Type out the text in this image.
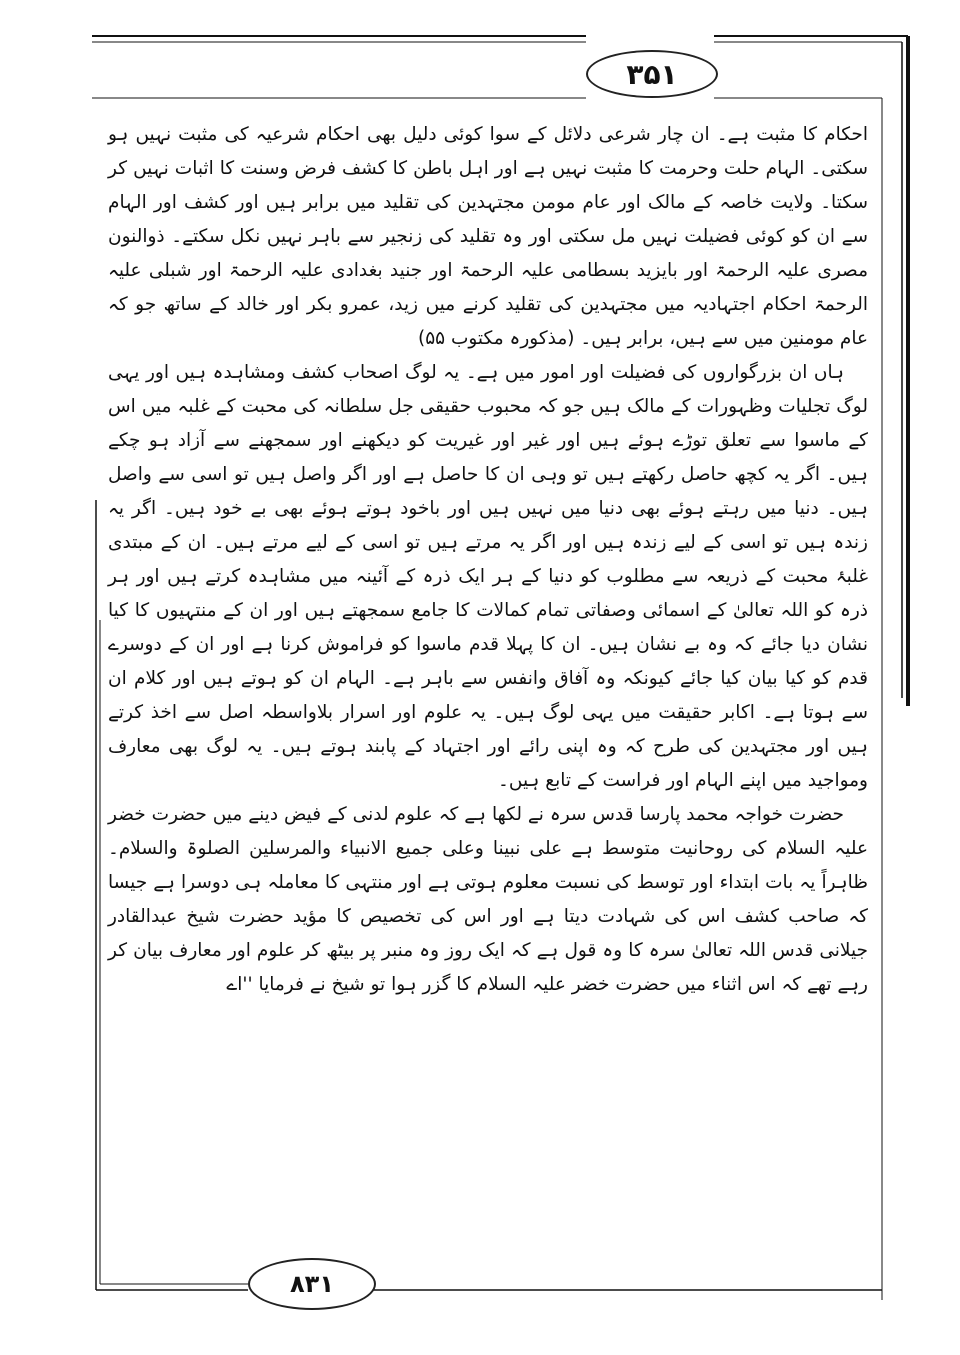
۳۵۱

احکام کا مثبت ہے۔ ان چار شرعی دلائل کے سوا کوئی دلیل بھی احکام شرعیہ کی مثبت نہیں ہو سکتی۔ الہام حلت وحرمت کا مثبت نہیں ہے اور اہل باطن کا کشف فرض وسنت کا اثبات نہیں کر سکتا۔ ولایت خاصہ کے مالک اور عام مومن مجتہدین کی تقلید میں برابر ہیں اور کشف اور الہام سے ان کو کوئی فضیلت نہیں مل سکتی اور وہ تقلید کی زنجیر سے باہر نہیں نکل سکتے۔ ذوالنون مصری علیہ الرحمۃ اور بایزید بسطامی علیہ الرحمۃ اور جنید بغدادی علیہ الرحمۃ اور شبلی علیہ الرحمۃ احکام اجتہادیہ میں مجتہدین کی تقلید کرنے میں زید، عمرو بکر اور خالد کے ساتھ جو کہ عام مومنین میں سے ہیں، برابر ہیں۔ (مذکورہ مکتوب ۵۵)

ہاں ان بزرگواروں کی فضیلت اور امور میں ہے۔ یہ لوگ اصحاب کشف ومشاہدہ ہیں اور یہی لوگ تجلیات وظہورات کے مالک ہیں جو کہ محبوب حقیقی جل سلطانہ کی محبت کے غلبہ میں اس کے ماسوا سے تعلق توڑے ہوئے ہیں اور غیر اور غیریت کو دیکھنے اور سمجھنے سے آزاد ہو چکے ہیں۔ اگر یہ کچھ حاصل رکھتے ہیں تو وہی ان کا حاصل ہے اور اگر واصل ہیں تو اسی سے واصل ہیں۔ دنیا میں رہتے ہوئے بھی دنیا میں نہیں ہیں اور باخود ہوتے ہوئے بھی بے خود ہیں۔ اگر یہ زندہ ہیں تو اسی کے لیے زندہ ہیں اور اگر یہ مرتے ہیں تو اسی کے لیے مرتے ہیں۔ ان کے مبتدی غلبۂ محبت کے ذریعہ سے مطلوب کو دنیا کے ہر ایک ذرہ کے آئینہ میں مشاہدہ کرتے ہیں اور ہر ذرہ کو اللہ تعالیٰ کے اسمائی وصفاتی تمام کمالات کا جامع سمجھتے ہیں اور ان کے منتہیوں کا کیا نشان دیا جائے کہ وہ بے نشان ہیں۔ ان کا پہلا قدم ماسوا کو فراموش کرنا ہے اور ان کے دوسرے قدم کو کیا بیان کیا جائے کیونکہ وہ آفاق وانفس سے باہر ہے۔ الہام ان کو ہوتے ہیں اور کلام ان سے ہوتا ہے۔ اکابر حقیقت میں یہی لوگ ہیں۔ یہ علوم اور اسرار بلاواسطہ اصل سے اخذ کرتے ہیں اور مجتہدین کی طرح کہ وہ اپنی رائے اور اجتہاد کے پابند ہوتے ہیں۔ یہ لوگ بھی معارف ومواجید میں اپنے الہام اور فراست کے تابع ہیں۔

حضرت خواجہ محمد پارسا قدس سرہ نے لکھا ہے کہ علوم لدنی کے فیض دینے میں حضرت خضر علیہ السلام کی روحانیت متوسط ہے علی نبینا وعلی جمیع الانبیاء والمرسلین الصلوۃ والسلام۔ ظاہراً یہ بات ابتداء اور توسط کی نسبت معلوم ہوتی ہے اور منتہی کا معاملہ ہی دوسرا ہے جیسا کہ صاحب کشف اس کی شہادت دیتا ہے اور اس کی تخصیص کا مؤید حضرت شیخ عبدالقادر جیلانی قدس اللہ تعالیٰ سرہ کا وہ قول ہے کہ ایک روز وہ منبر پر بیٹھ کر علوم اور معارف بیان کر رہے تھے کہ اس اثناء میں حضرت خضر علیہ السلام کا گزر ہوا تو شیخ نے فرمایا ''اے

۸۳۱
